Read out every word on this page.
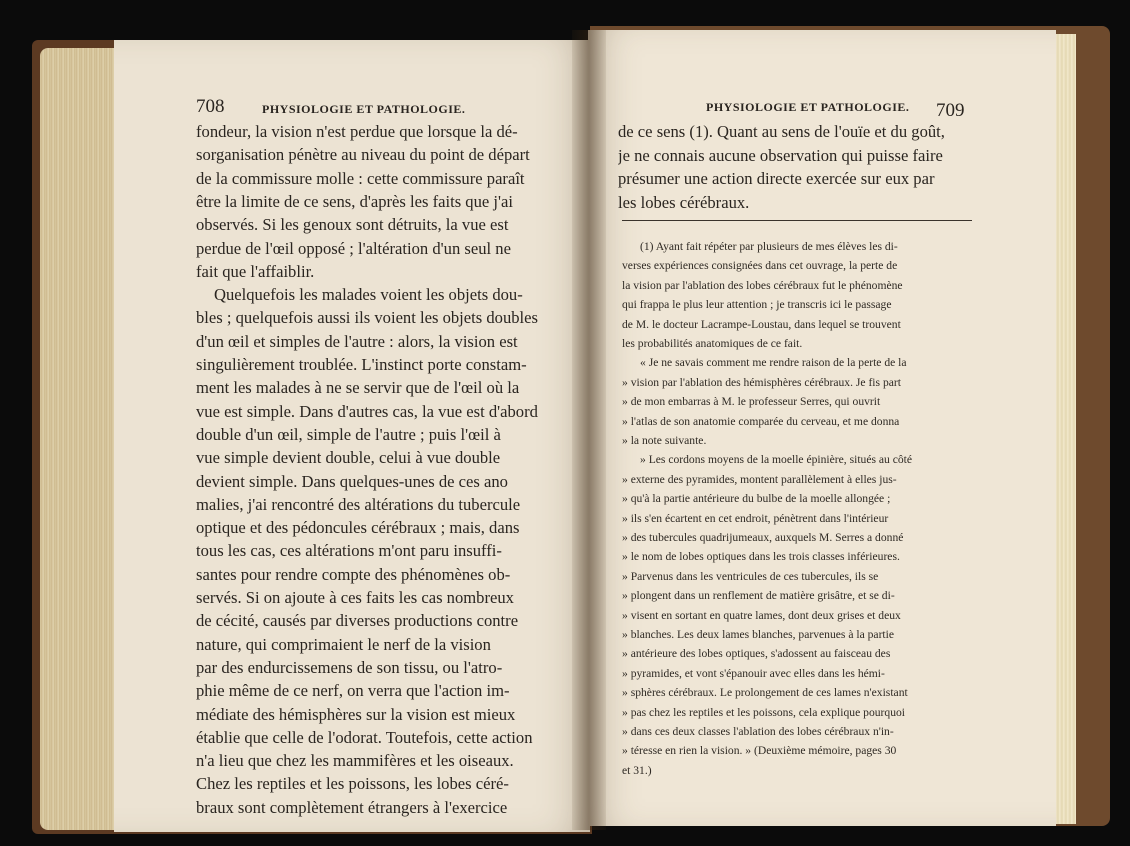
708	PHYSIOLOGIE ET PATHOLOGIE.
fondeur, la vision n'est perdue que lorsque la dé-
sorganisation pénètre au niveau du point de départ
de la commissure molle : cette commissure paraît
être la limite de ce sens, d'après les faits que j'ai
observés. Si les genoux sont détruits, la vue est
perdue de l'œil opposé ; l'altération d'un seul ne
fait que l'affaiblir.
Quelquefois les malades voient les objets dou-
bles ; quelquefois aussi ils voient les objets doubles
d'un œil et simples de l'autre : alors, la vision est
singulièrement troublée. L'instinct porte constam-
ment les malades à ne se servir que de l'œil où la
vue est simple. Dans d'autres cas, la vue est d'abord
double d'un œil, simple de l'autre ; puis l'œil à
vue simple devient double, celui à vue double
devient simple. Dans quelques-unes de ces ano
malies, j'ai rencontré des altérations du tubercule
optique et des pédoncules cérébraux ; mais, dans
tous les cas, ces altérations m'ont paru insuffi-
santes pour rendre compte des phénomènes ob-
servés. Si on ajoute à ces faits les cas nombreux
de cécité, causés par diverses productions contre
nature, qui comprimaient le nerf de la vision
par des endurcissemens de son tissu, ou l'atro-
phie même de ce nerf, on verra que l'action im-
médiate des hémisphères sur la vision est mieux
établie que celle de l'odorat. Toutefois, cette action
n'a lieu que chez les mammifères et les oiseaux.
Chez les reptiles et les poissons, les lobes céré-
braux sont complètement étrangers à l'exercice
PHYSIOLOGIE ET PATHOLOGIE. 709
de ce sens (1). Quant au sens de l'ouïe et du goût,
je ne connais aucune observation qui puisse faire
présumer une action directe exercée sur eux par
les lobes cérébraux.
(1) Ayant fait répéter par plusieurs de mes élèves les di-
verses expériences consignées dans cet ouvrage, la perte de
la vision par l'ablation des lobes cérébraux fut le phénomène
qui frappa le plus leur attention ; je transcris ici le passage
de M. le docteur Lacrampe-Loustau, dans lequel se trouvent
les probabilités anatomiques de ce fait.
« Je ne savais comment me rendre raison de la perte de la
» vision par l'ablation des hémisphères cérébraux. Je fis part
» de mon embarras à M. le professeur Serres, qui ouvrit
» l'atlas de son anatomie comparée du cerveau, et me donna
» la note suivante.
» Les cordons moyens de la moelle épinière, situés au côté
» externe des pyramides, montent parallèlement à elles jus-
» qu'à la partie antérieure du bulbe de la moelle allongée ;
» ils s'en écartent en cet endroit, pénètrent dans l'intérieur
» des tubercules quadrijumeaux, auxquels M. Serres a donné
» le nom de lobes optiques dans les trois classes inférieures.
» Parvenus dans les ventricules de ces tubercules, ils se
» plongent dans un renflement de matière grisâtre, et se di-
» visent en sortant en quatre lames, dont deux grises et deux
» blanches. Les deux lames blanches, parvenues à la partie
» antérieure des lobes optiques, s'adossent au faisceau des
» pyramides, et vont s'épanouir avec elles dans les hémi-
» sphères cérébraux. Le prolongement de ces lames n'existant
» pas chez les reptiles et les poissons, cela explique pourquoi
» dans ces deux classes l'ablation des lobes cérébraux n'in-
» téresse en rien la vision. » (Deuxième mémoire, pages 30
et 31.)
